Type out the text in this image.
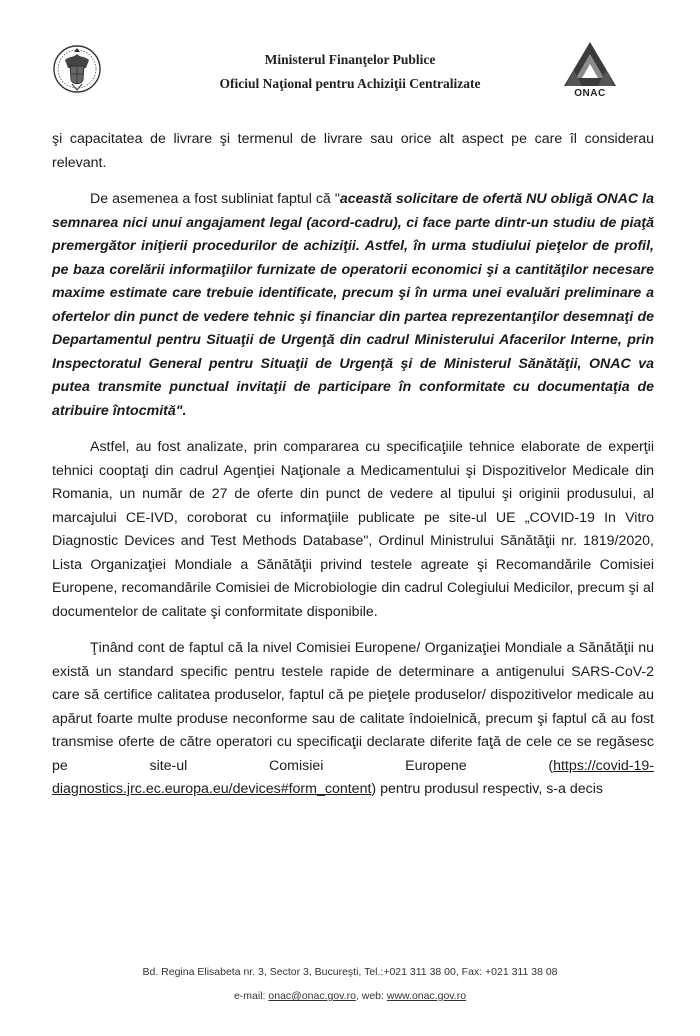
Ministerul Finanţelor Publice
Oficiul Naţional pentru Achiziţii Centralizate
ONAC

şi capacitatea de livrare şi termenul de livrare sau orice alt aspect pe care îl considerau relevant.

De asemenea a fost subliniat faptul că "această solicitare de ofertă NU obligă ONAC la semnarea nici unui angajament legal (acord-cadru), ci face parte dintr-un studiu de piaţă premergător iniţierii procedurilor de achiziţii. Astfel, în urma studiului pieţelor de profil, pe baza corelării informaţiilor furnizate de operatorii economici şi a cantităţilor necesare maxime estimate care trebuie identificate, precum şi în urma unei evaluări preliminare a ofertelor din punct de vedere tehnic şi financiar din partea reprezentanţilor desemnaţi de Departamentul pentru Situaţii de Urgenţă din cadrul Ministerului Afacerilor Interne, prin Inspectoratul General pentru Situaţii de Urgenţă şi de Ministerul Sănătăţii, ONAC va putea transmite punctual invitaţii de participare în conformitate cu documentaţia de atribuire întocmită".

Astfel, au fost analizate, prin compararea cu specificaţiile tehnice elaborate de experţii tehnici cooptaţi din cadrul Agenţiei Naţionale a Medicamentului şi Dispozitivelor Medicale din Romania, un număr de 27 de oferte din punct de vedere al tipului şi originii produsului, al marcajului CE-IVD, coroborat cu informaţiile publicate pe site-ul UE „COVID-19 In Vitro Diagnostic Devices and Test Methods Database", Ordinul Ministrului Sănătăţii nr. 1819/2020, Lista Organizaţiei Mondiale a Sănătăţii privind testele agreate şi Recomandările Comisiei Europene, recomandările Comisiei de Microbiologie din cadrul Colegiului Medicilor, precum şi al documentelor de calitate şi conformitate disponibile.

Ţinând cont de faptul că la nivel Comisiei Europene/ Organizaţiei Mondiale a Sănătăţii nu există un standard specific pentru testele rapide de determinare a antigenului SARS-CoV-2 care să certifice calitatea produselor, faptul că pe pieţele produselor/ dispozitivelor medicale au apărut foarte multe produse neconforme sau de calitate îndoielnică, precum şi faptul că au fost transmise oferte de către operatori cu specificaţii declarate diferite faţă de cele ce se regăsesc pe site-ul Comisiei Europene (https://covid-19-diagnostics.jrc.ec.europa.eu/devices#form_content) pentru produsul respectiv, s-a decis

Bd. Regina Elisabeta nr. 3, Sector 3, Bucureşti, Tel.:+021 311 38 00, Fax: +021 311 38 08
e-mail: onac@onac.gov.ro, web: www.onac.gov.ro
